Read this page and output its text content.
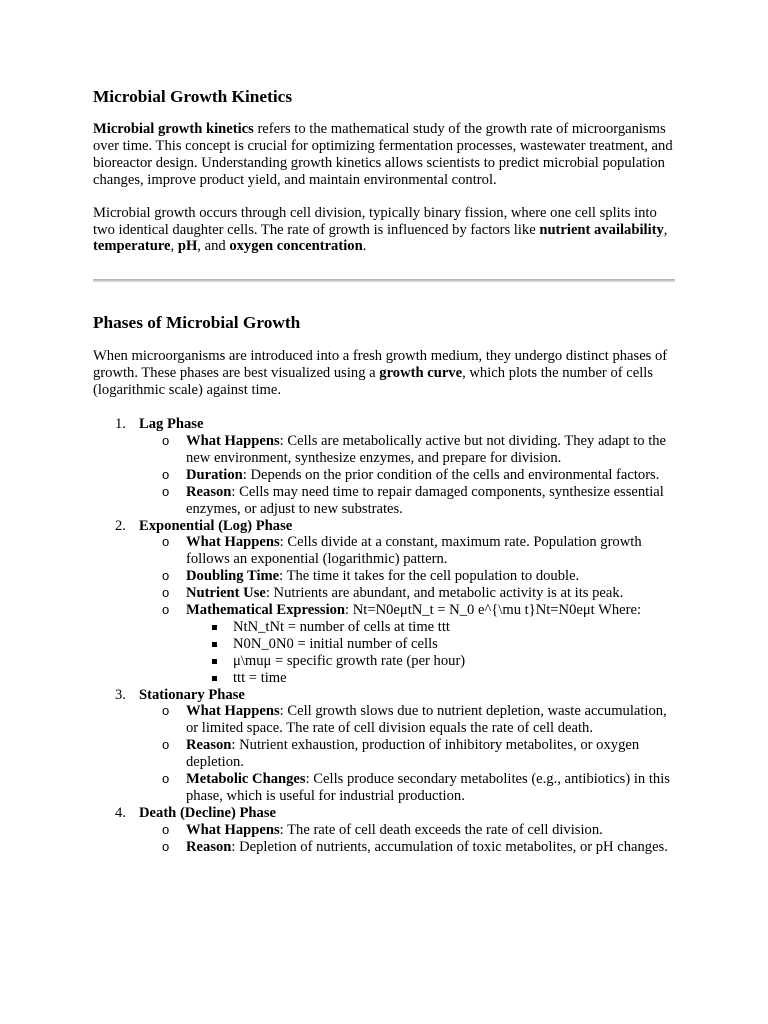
Microbial Growth Kinetics

Microbial growth kinetics refers to the mathematical study of the growth rate of microorganisms over time. This concept is crucial for optimizing fermentation processes, wastewater treatment, and bioreactor design. Understanding growth kinetics allows scientists to predict microbial population changes, improve product yield, and maintain environmental control.

Microbial growth occurs through cell division, typically binary fission, where one cell splits into two identical daughter cells. The rate of growth is influenced by factors like nutrient availability, temperature, pH, and oxygen concentration.

Phases of Microbial Growth

When microorganisms are introduced into a fresh growth medium, they undergo distinct phases of growth. These phases are best visualized using a growth curve, which plots the number of cells (logarithmic scale) against time.

1. Lag Phase
o What Happens: Cells are metabolically active but not dividing. They adapt to the new environment, synthesize enzymes, and prepare for division.
o Duration: Depends on the prior condition of the cells and environmental factors.
o Reason: Cells may need time to repair damaged components, synthesize essential enzymes, or adjust to new substrates.
2. Exponential (Log) Phase
o What Happens: Cells divide at a constant, maximum rate. Population growth follows an exponential (logarithmic) pattern.
o Doubling Time: The time it takes for the cell population to double.
o Nutrient Use: Nutrients are abundant, and metabolic activity is at its peak.
o Mathematical Expression: Nt=N0eμtN_t = N_0 e^{\mu t}Nt=N0eμt Where:
NtN_tNt = number of cells at time ttt
N0N_0N0 = initial number of cells
μ\muμ = specific growth rate (per hour)
ttt = time
3. Stationary Phase
o What Happens: Cell growth slows due to nutrient depletion, waste accumulation, or limited space. The rate of cell division equals the rate of cell death.
o Reason: Nutrient exhaustion, production of inhibitory metabolites, or oxygen depletion.
o Metabolic Changes: Cells produce secondary metabolites (e.g., antibiotics) in this phase, which is useful for industrial production.
4. Death (Decline) Phase
o What Happens: The rate of cell death exceeds the rate of cell division.
o Reason: Depletion of nutrients, accumulation of toxic metabolites, or pH changes.
